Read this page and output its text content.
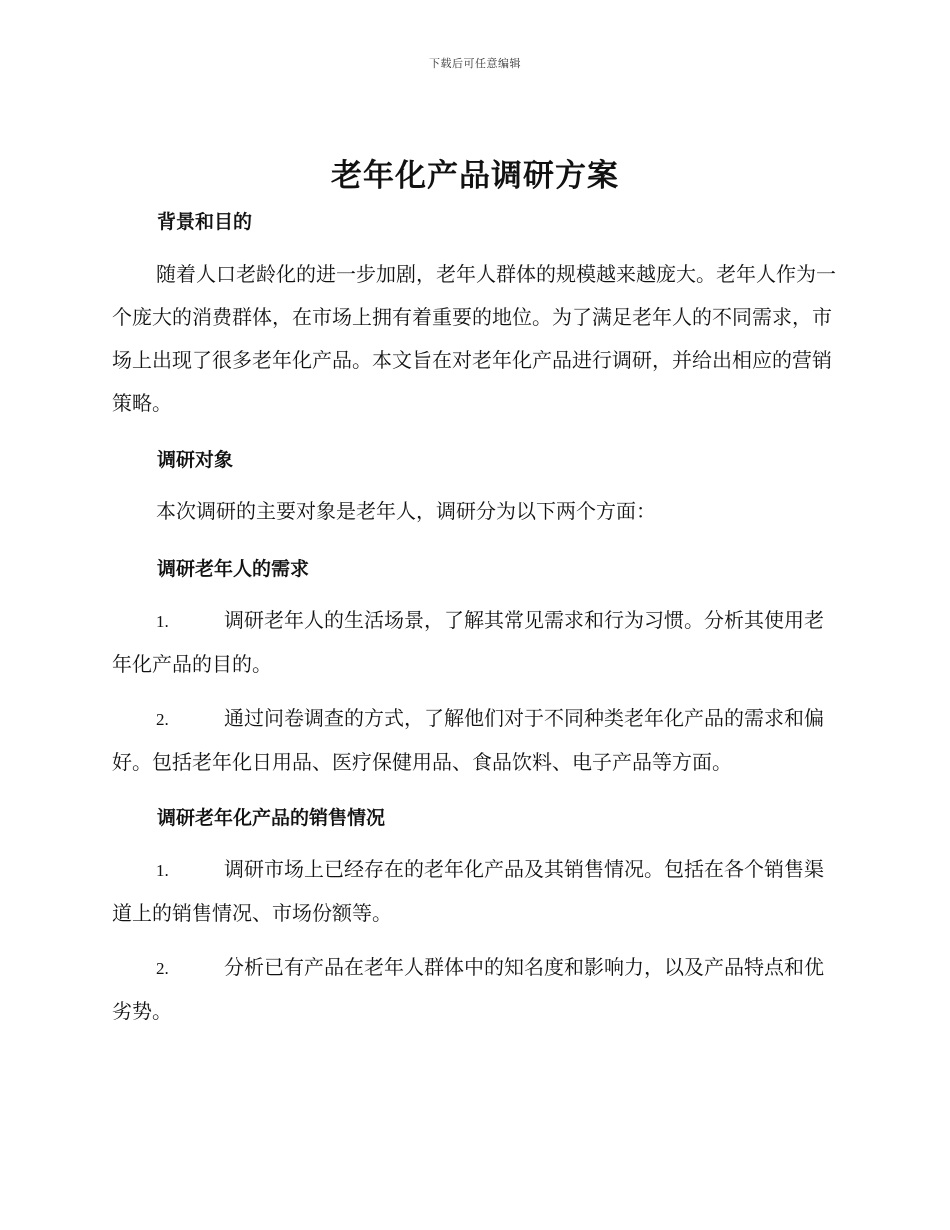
下载后可任意编辑
老年化产品调研方案
背景和目的

随着人口老龄化的进一步加剧，老年人群体的规模越来越庞大。老年人作为一个庞大的消费群体，在市场上拥有着重要的地位。为了满足老年人的不同需求，市场上出现了很多老年化产品。本文旨在对老年化产品进行调研，并给出相应的营销策略。

调研对象

本次调研的主要对象是老年人，调研分为以下两个方面：

调研老年人的需求

1.	调研老年人的生活场景，了解其常见需求和行为习惯。分析其使用老年化产品的目的。

2.	通过问卷调查的方式，了解他们对于不同种类老年化产品的需求和偏好。包括老年化日用品、医疗保健用品、食品饮料、电子产品等方面。

调研老年化产品的销售情况

1.	调研市场上已经存在的老年化产品及其销售情况。包括在各个销售渠道上的销售情况、市场份额等。

2.	分析已有产品在老年人群体中的知名度和影响力，以及产品特点和优劣势。
